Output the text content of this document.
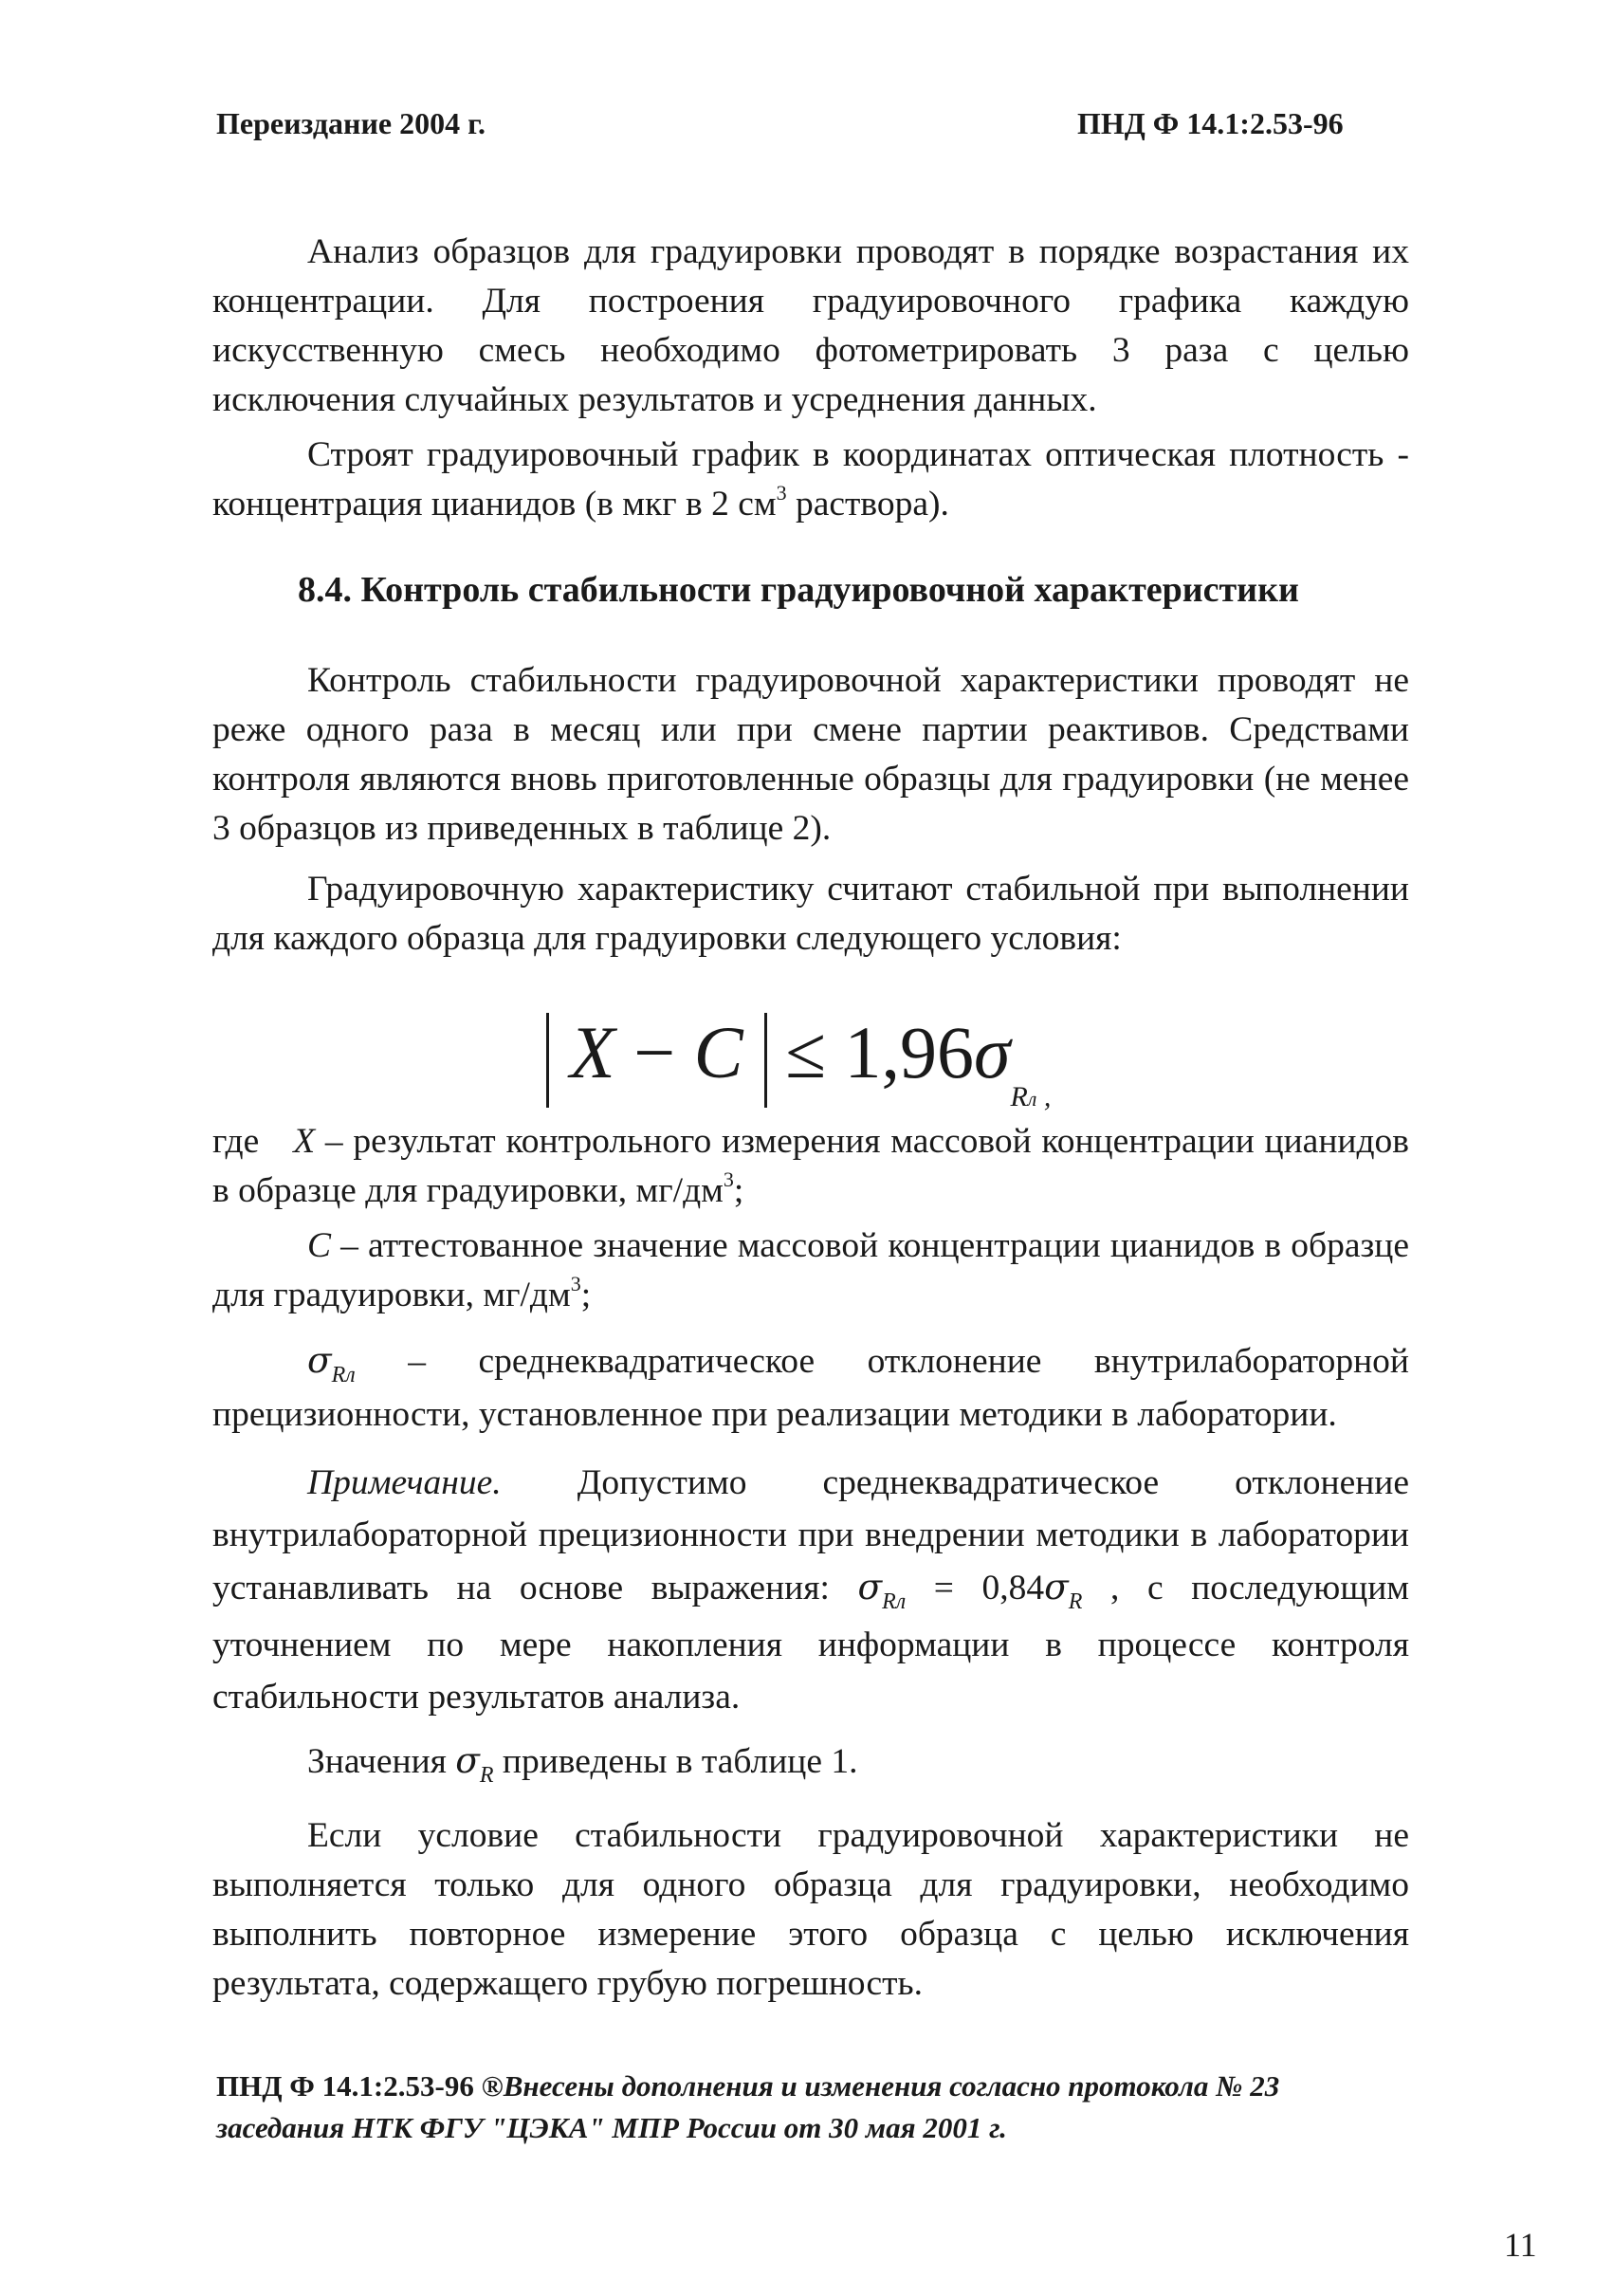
Переиздание 2004 г.	ПНД Ф 14.1:2.53-96
Анализ образцов для градуировки проводят в порядке возрастания их концентрации. Для построения градуировочного графика каждую искусственную смесь необходимо фотометрировать 3 раза с целью исключения случайных результатов и усреднения данных.
Строят градуировочный график в координатах оптическая плотность - концентрация цианидов (в мкг в 2 $см^3$ раствора).
8.4. Контроль стабильности градуировочной характеристики
Контроль стабильности градуировочной характеристики проводят не реже одного раза в месяц или при смене партии реактивов. Средствами контроля являются вновь приготовленные образцы для градуировки (не менее 3 образцов из приведенных в таблице 2).
Градуировочную характеристику считают стабильной при выполнении для каждого образца для градуировки следующего условия:
$X - C \le 1,96\sigma_{Rл ,}$
где X – результат контрольного измерения массовой концентрации цианидов в образце для градуировки, $мг/дм^3$;
C – аттестованное значение массовой концентрации цианидов в образце для градуировки, $мг/дм^3$;
$\sigma_{Rл}$ – среднеквадратическое отклонение внутрилабораторной прецизионности, установленное при реализации методики в лаборатории.
Примечание. Допустимо среднеквадратическое отклонение внутрилабораторной прецизионности при внедрении методики в лаборатории устанавливать на основе выражения: $\sigma_{Rл} = 0,84\sigma_R$ , с последующим уточнением по мере накопления информации в процессе контроля стабильности результатов анализа.
Значения $\sigma_R$ приведены в таблице 1.
Если условие стабильности градуировочной характеристики не выполняется только для одного образца для градуировки, необходимо выполнить повторное измерение этого образца с целью исключения результата, содержащего грубую погрешность.
ПНД Ф 14.1:2.53-96 ®Внесены дополнения и изменения согласно протокола № 23 заседания НТК ФГУ "ЦЭКА" МПР России от 30 мая 2001 г.
11
